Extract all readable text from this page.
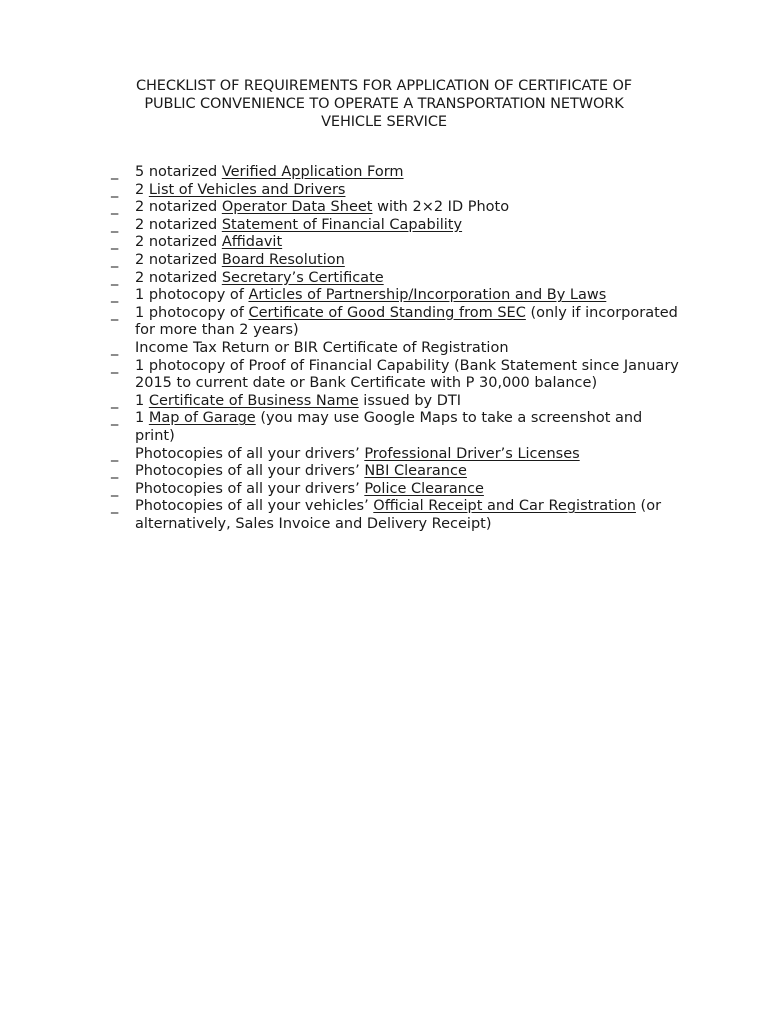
CHECKLIST OF REQUIREMENTS FOR APPLICATION OF CERTIFICATE OF
PUBLIC CONVENIENCE TO OPERATE A TRANSPORTATION NETWORK
VEHICLE SERVICE
_ 5 notarized Verified Application Form
_ 2 List of Vehicles and Drivers
_ 2 notarized Operator Data Sheet with 2×2 ID Photo
_ 2 notarized Statement of Financial Capability
_ 2 notarized Affidavit
_ 2 notarized Board Resolution
_ 2 notarized Secretary’s Certificate
_ 1 photocopy of Articles of Partnership/Incorporation and By Laws
_ 1 photocopy of Certificate of Good Standing from SEC (only if incorporated
for more than 2 years)
_ Income Tax Return or BIR Certificate of Registration
_ 1 photocopy of Proof of Financial Capability (Bank Statement since January
2015 to current date or Bank Certificate with P 30,000 balance)
_ 1 Certificate of Business Name issued by DTI
_ 1 Map of Garage (you may use Google Maps to take a screenshot and
print)
_ Photocopies of all your drivers’ Professional Driver’s Licenses
_ Photocopies of all your drivers’ NBI Clearance
_ Photocopies of all your drivers’ Police Clearance
_ Photocopies of all your vehicles’ Official Receipt and Car Registration (or
alternatively, Sales Invoice and Delivery Receipt)
